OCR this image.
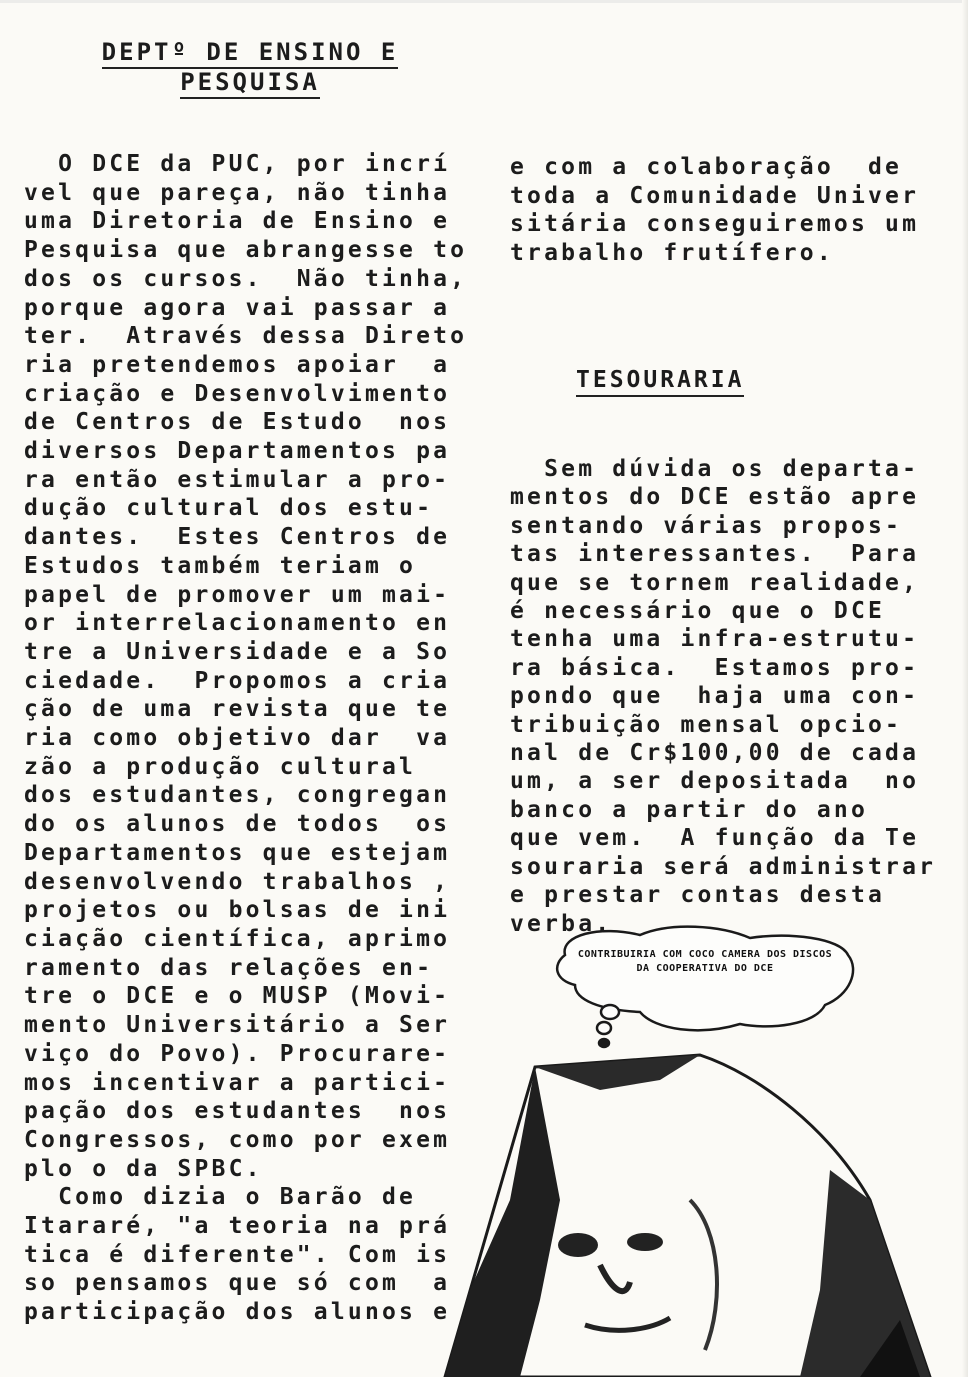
DEPTº DE ENSINO E
PESQUISA
O DCE da PUC, por incrí
vel que pareça, não tinha
uma Diretoria de Ensino e
Pesquisa que abrangesse to
dos os cursos.  Não tinha,
porque agora vai passar a
ter.  Através dessa Direto
ria pretendemos apoiar  a
criação e Desenvolvimento
de Centros de Estudo  nos
diversos Departamentos pa
ra então estimular a pro-
dução cultural dos estu-
dantes.  Estes Centros de
Estudos também teriam o
papel de promover um mai-
or interrelacionamento en
tre a Universidade e a So
ciedade.  Propomos a cria
ção de uma revista que te
ria como objetivo dar  va
zão a produção cultural
dos estudantes, congregan
do os alunos de todos  os
Departamentos que estejam
desenvolvendo trabalhos ,
projetos ou bolsas de ini
ciação científica, aprimo
ramento das relações en-
tre o DCE e o MUSP (Movi-
mento Universitário a Ser
viço do Povo). Procurare-
mos incentivar a partici-
pação dos estudantes  nos
Congressos, como por exem
plo o da SPBC.
Como dizia o Barão de
Itararé, "a teoria na prá
tica é diferente". Com is
so pensamos que só com  a
participação dos alunos e
e com a colaboração  de
toda a Comunidade Univer
sitária conseguiremos um
trabalho frutífero.
TESOURARIA
Sem dúvida os departa-
mentos do DCE estão apre
sentando várias propos-
tas interessantes.  Para
que se tornem realidade,
é necessário que o DCE
tenha uma infra-estrutu-
ra básica.  Estamos pro-
pondo que  haja uma con-
tribuição mensal opcio-
nal de Cr$100,00 de cada
um, a ser depositada  no
banco a partir do ano
que vem.  A função da Te
souraria será administrar
e prestar contas desta
verba.
CONTRIBUIRIA COM COCO CAMERA DOS DISCOS DA COOPERATIVA DO DCE
